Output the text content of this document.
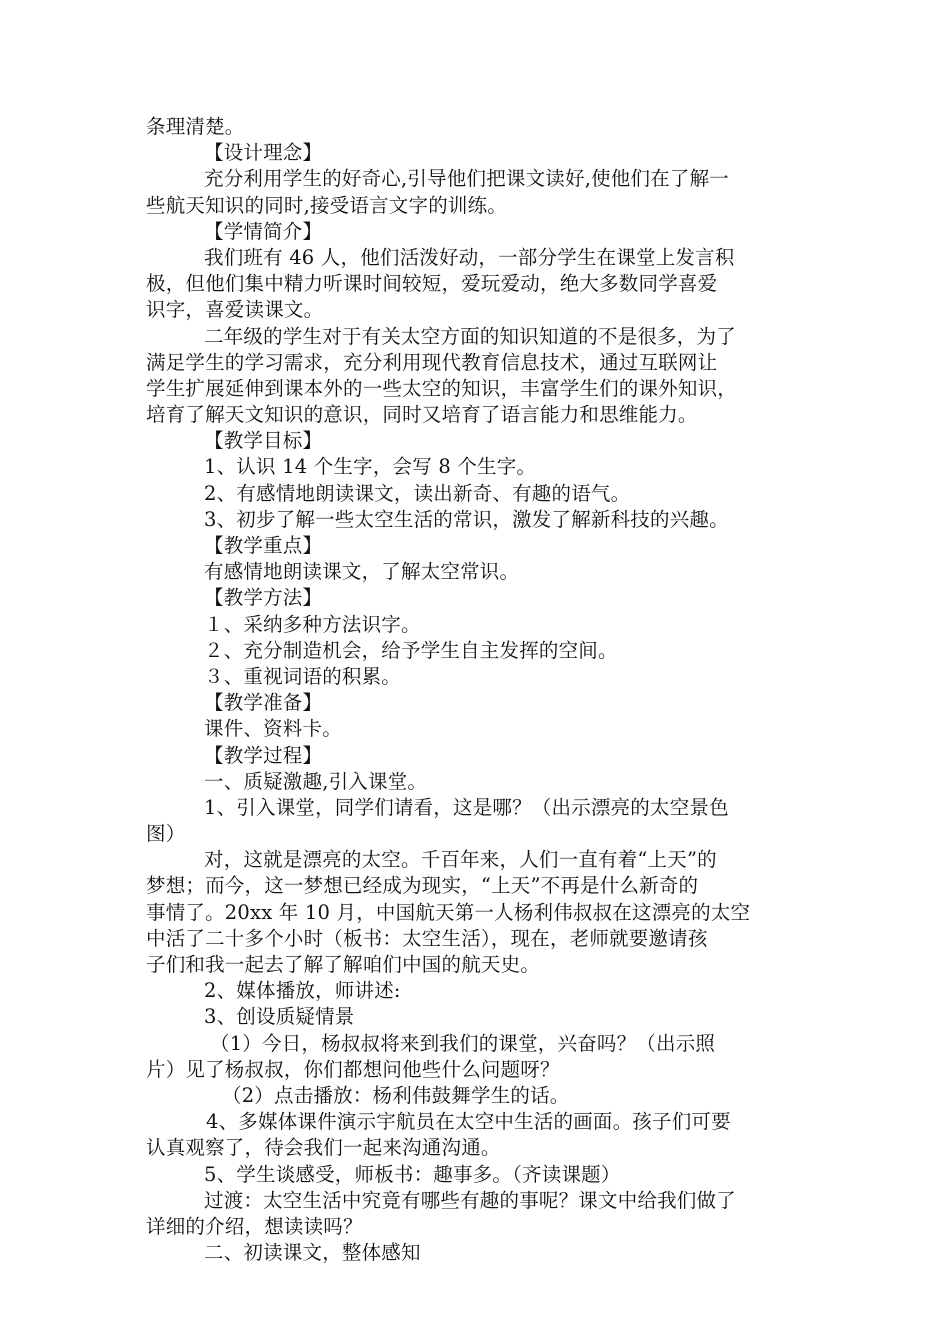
条理清楚。
【设计理念】
充分利用学生的好奇心,引导他们把课文读好,使他们在了解一
些航天知识的同时,接受语言文字的训练。
【学情简介】
我们班有 46 人，他们活泼好动，一部分学生在课堂上发言积
极，但他们集中精力听课时间较短，爱玩爱动，绝大多数同学喜爱
识字，喜爱读课文。
二年级的学生对于有关太空方面的知识知道的不是很多，为了
满足学生的学习需求，充分利用现代教育信息技术，通过互联网让
学生扩展延伸到课本外的一些太空的知识，丰富学生们的课外知识，
培育了解天文知识的意识，同时又培育了语言能力和思维能力。
【教学目标】
1、认识 14 个生字，会写 8 个生字。
2、有感情地朗读课文，读出新奇、有趣的语气。
3、初步了解一些太空生活的常识，激发了解新科技的兴趣。
【教学重点】
有感情地朗读课文，了解太空常识。
【教学方法】
１、采纳多种方法识字。
２、充分制造机会，给予学生自主发挥的空间。
３、重视词语的积累。
【教学准备】
课件、资料卡。
【教学过程】
一、质疑激趣,引入课堂。
1、引入课堂，同学们请看，这是哪？（出示漂亮的太空景色
图）
对，这就是漂亮的太空。千百年来，人们一直有着“上天”的
梦想；而今，这一梦想已经成为现实，“上天”不再是什么新奇的
事情了。20xx 年 10 月，中国航天第一人杨利伟叔叔在这漂亮的太空
中活了二十多个小时（板书：太空生活），现在，老师就要邀请孩
子们和我一起去了解了解咱们中国的航天史。
2、媒体播放，师讲述:
3、创设质疑情景
（1）今日，杨叔叔将来到我们的课堂，兴奋吗？（出示照
片）见了杨叔叔，你们都想问他些什么问题呀？
（2）点击播放：杨利伟鼓舞学生的话。
4、多媒体课件演示宇航员在太空中生活的画面。孩子们可要
认真观察了，待会我们一起来沟通沟通。
5、学生谈感受，师板书：趣事多。（齐读课题）
过渡：太空生活中究竟有哪些有趣的事呢？课文中给我们做了
详细的介绍，想读读吗？
二、初读课文，整体感知
